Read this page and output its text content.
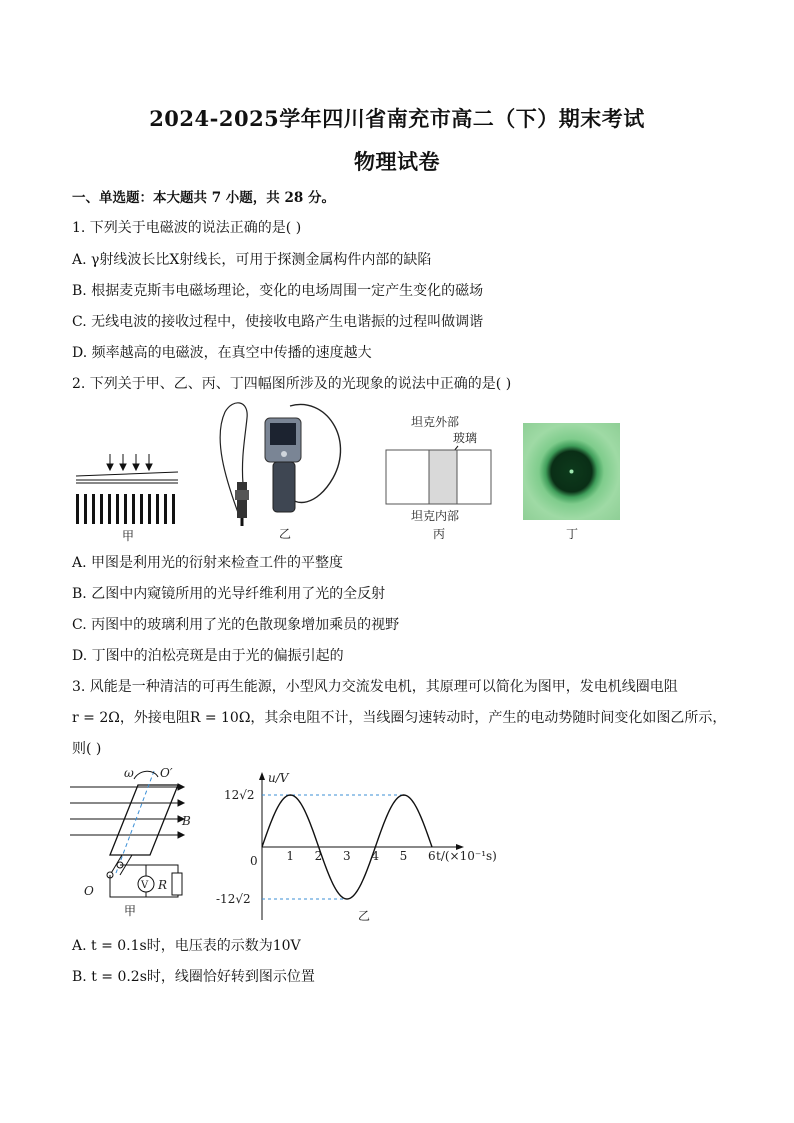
2024-2025学年四川省南充市高二（下）期末考试
物理试卷
一、单选题：本大题共 7 小题，共 28 分。
1. 下列关于电磁波的说法正确的是( )
A. γ射线波长比X射线长，可用于探测金属构件内部的缺陷
B. 根据麦克斯韦电磁场理论，变化的电场周围一定产生变化的磁场
C. 无线电波的接收过程中，使接收电路产生电谐振的过程叫做调谐
D. 频率越高的电磁波，在真空中传播的速度越大
2. 下列关于甲、乙、丙、丁四幅图所涉及的光现象的说法中正确的是( )
甲	乙
坦克外部
玻璃
坦克内部
丙	丁
A. 甲图是利用光的衍射来检查工件的平整度
B. 乙图中内窥镜所用的光导纤维利用了光的全反射
C. 丙图中的玻璃利用了光的色散现象增加乘员的视野
D. 丁图中的泊松亮斑是由于光的偏振引起的
3. 风能是一种清洁的可再生能源，小型风力交流发电机，其原理可以简化为图甲，发电机线圈电阻
r = 2Ω，外接电阻R = 10Ω，其余电阻不计，当线圈匀速转动时，产生的电动势随时间变化如图乙所示，
则( )
ω O′
B
V R
O
甲
u/V
t/(×10⁻¹s)
12√2
0
-12√2
1 2 3 4 5 6
乙
A. t = 0.1s时，电压表的示数为10V
B. t = 0.2s时，线圈恰好转到图示位置
